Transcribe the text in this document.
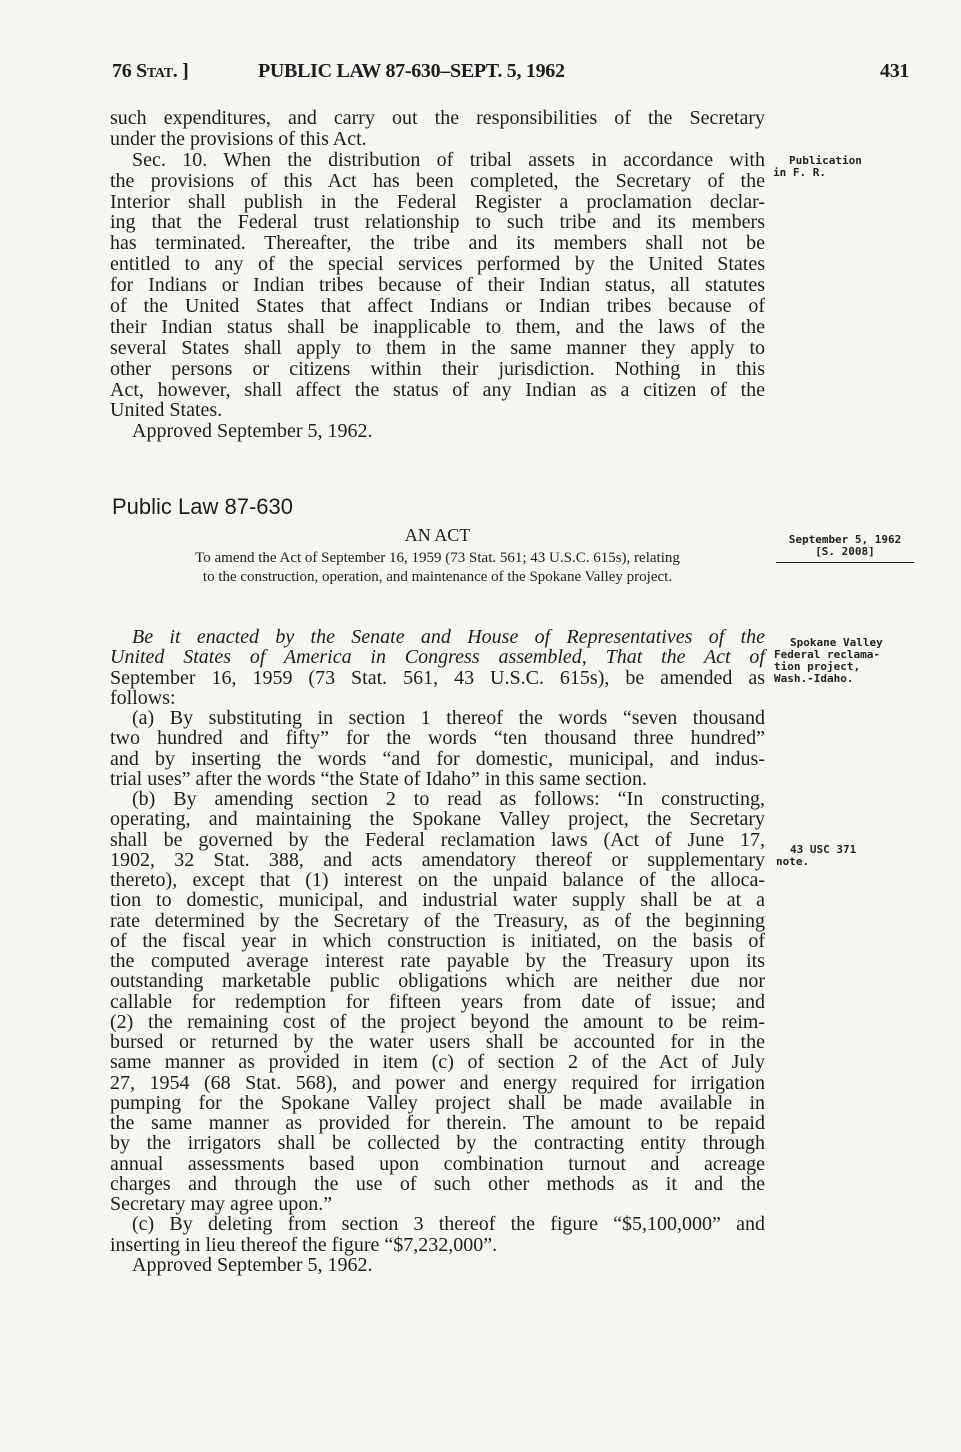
76 Stat. ]	PUBLIC LAW 87-630–SEPT. 5, 1962	431
such expenditures, and carry out the responsibilities of the Secretary
under the provisions of this Act.
Sec. 10. When the distribution of tribal assets in accordance with
the provisions of this Act has been completed, the Secretary of the
Interior shall publish in the Federal Register a proclamation declar-
ing that the Federal trust relationship to such tribe and its members
has terminated. Thereafter, the tribe and its members shall not be
entitled to any of the special services performed by the United States
for Indians or Indian tribes because of their Indian status, all statutes
of the United States that affect Indians or Indian tribes because of
their Indian status shall be inapplicable to them, and the laws of the
several States shall apply to them in the same manner they apply to
other persons or citizens within their jurisdiction. Nothing in this
Act, however, shall affect the status of any Indian as a citizen of the
United States.
Approved September 5, 1962.
Public Law 87-630
AN ACT
To amend the Act of September 16, 1959 (73 Stat. 561; 43 U.S.C. 615s), relating
to the construction, operation, and maintenance of the Spokane Valley project.
Be it enacted by the Senate and House of Representatives of the
United States of America in Congress assembled, That the Act of
September 16, 1959 (73 Stat. 561, 43 U.S.C. 615s), be amended as
follows:
(a) By substituting in section 1 thereof the words “seven thousand
two hundred and fifty” for the words “ten thousand three hundred”
and by inserting the words “and for domestic, municipal, and indus-
trial uses” after the words “the State of Idaho” in this same section.
(b) By amending section 2 to read as follows: “In constructing,
operating, and maintaining the Spokane Valley project, the Secretary
shall be governed by the Federal reclamation laws (Act of June 17,
1902, 32 Stat. 388, and acts amendatory thereof or supplementary
thereto), except that (1) interest on the unpaid balance of the alloca-
tion to domestic, municipal, and industrial water supply shall be at a
rate determined by the Secretary of the Treasury, as of the beginning
of the fiscal year in which construction is initiated, on the basis of
the computed average interest rate payable by the Treasury upon its
outstanding marketable public obligations which are neither due nor
callable for redemption for fifteen years from date of issue; and
(2) the remaining cost of the project beyond the amount to be reim-
bursed or returned by the water users shall be accounted for in the
same manner as provided in item (c) of section 2 of the Act of July
27, 1954 (68 Stat. 568), and power and energy required for irrigation
pumping for the Spokane Valley project shall be made available in
the same manner as provided for therein. The amount to be repaid
by the irrigators shall be collected by the contracting entity through
annual assessments based upon combination turnout and acreage
charges and through the use of such other methods as it and the
Secretary may agree upon.”
(c) By deleting from section 3 thereof the figure “$5,100,000” and
inserting in lieu thereof the figure “$7,232,000”.
Approved September 5, 1962.
Publication
in F. R.
September 5, 1962
[S. 2008]
Spokane Valley
Federal reclama-
tion project,
Wash.-Idaho.
43 USC 371
note.
